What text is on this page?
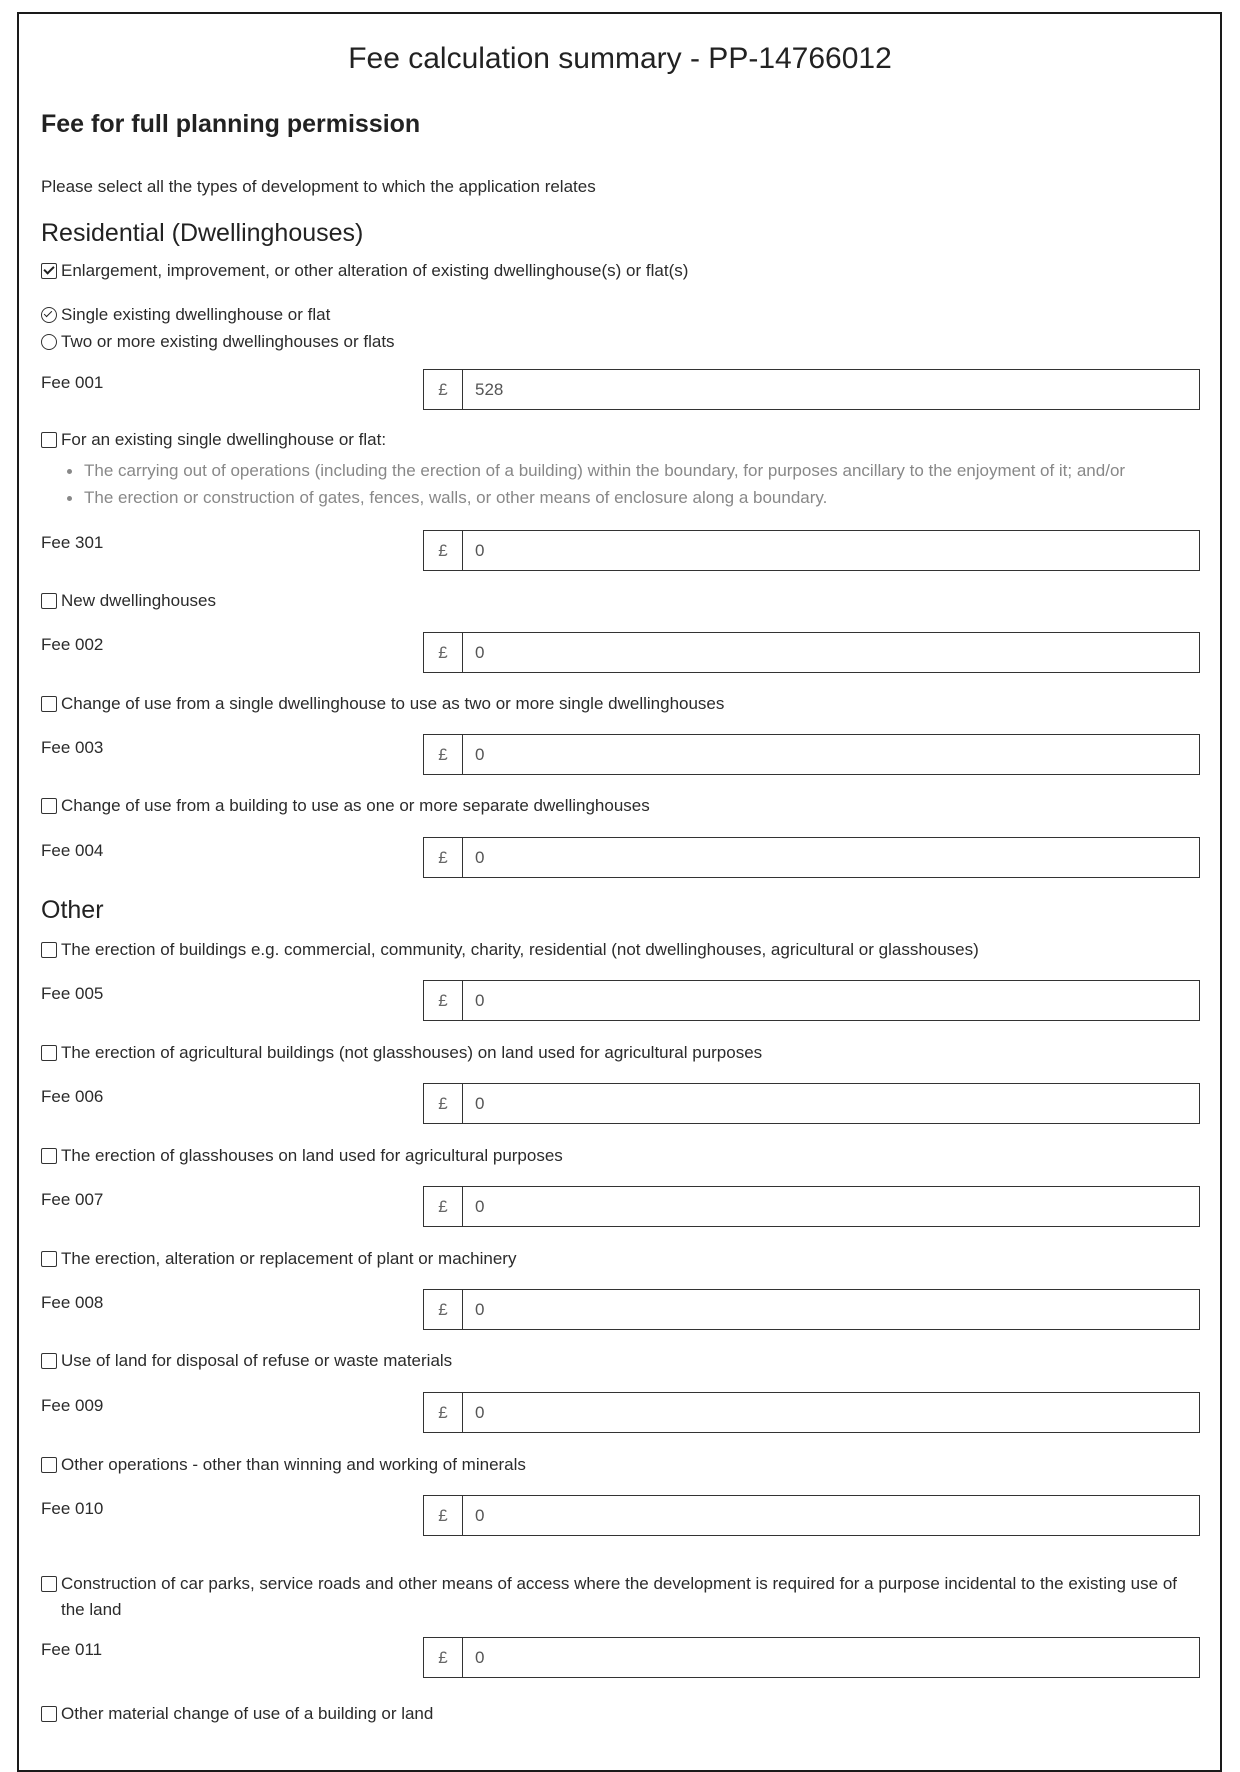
Fee calculation summary - PP-14766012
Fee for full planning permission
Please select all the types of development to which the application relates
Residential (Dwellinghouses)
Enlargement, improvement, or other alteration of existing dwellinghouse(s) or flat(s)
Single existing dwellinghouse or flat
Two or more existing dwellinghouses or flats
Fee 001	£	528
For an existing single dwellinghouse or flat:
The carrying out of operations (including the erection of a building) within the boundary, for purposes ancillary to the enjoyment of it; and/or
The erection or construction of gates, fences, walls, or other means of enclosure along a boundary.
Fee 301	£	0
New dwellinghouses
Fee 002	£	0
Change of use from a single dwellinghouse to use as two or more single dwellinghouses
Fee 003	£	0
Change of use from a building to use as one or more separate dwellinghouses
Fee 004	£	0
Other
The erection of buildings e.g. commercial, community, charity, residential (not dwellinghouses, agricultural or glasshouses)
Fee 005	£	0
The erection of agricultural buildings (not glasshouses) on land used for agricultural purposes
Fee 006	£	0
The erection of glasshouses on land used for agricultural purposes
Fee 007	£	0
The erection, alteration or replacement of plant or machinery
Fee 008	£	0
Use of land for disposal of refuse or waste materials
Fee 009	£	0
Other operations - other than winning and working of minerals
Fee 010	£	0
Construction of car parks, service roads and other means of access where the development is required for a purpose incidental to the existing use of the land
Fee 011	£	0
Other material change of use of a building or land
